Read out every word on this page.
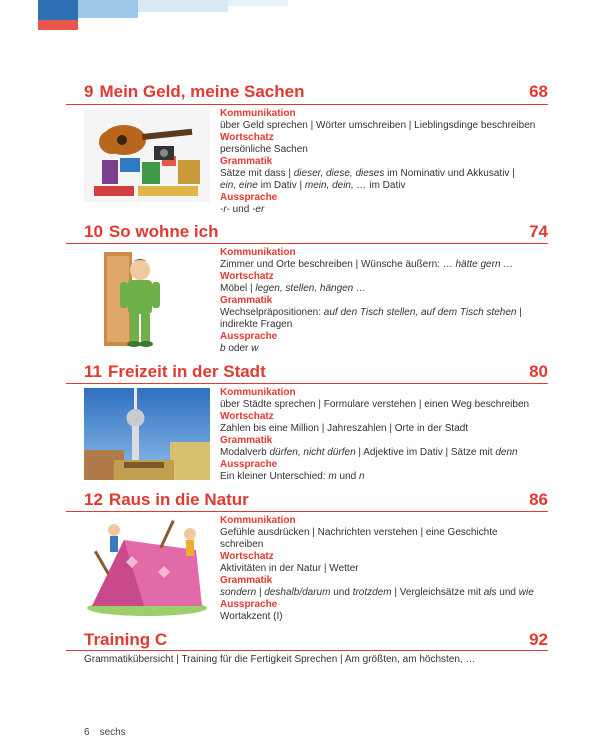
9 Mein Geld, meine Sachen	68
Kommunikation
über Geld sprechen | Wörter umschreiben | Lieblingsdinge beschreiben
Wortschatz
persönliche Sachen
Grammatik
Sätze mit dass | dieser, diese, dieses im Nominativ und Akkusativ |
ein, eine im Dativ | mein, dein, … im Dativ
Aussprache
-r- und -er
10 So wohne ich	74
Kommunikation
Zimmer und Orte beschreiben | Wünsche äußern: … hätte gern …
Wortschatz
Möbel | legen, stellen, hängen …
Grammatik
Wechselpräpositionen: auf den Tisch stellen, auf dem Tisch stehen |
indirekte Fragen
Aussprache
b oder w
11 Freizeit in der Stadt	80
Kommunikation
über Städte sprechen | Formulare verstehen | einen Weg beschreiben
Wortschatz
Zahlen bis eine Million | Jahreszahlen | Orte in der Stadt
Grammatik
Modalverb dürfen, nicht dürfen | Adjektive im Dativ | Sätze mit denn
Aussprache
Ein kleiner Unterschied: m und n
12 Raus in die Natur	86
Kommunikation
Gefühle ausdrücken | Nachrichten verstehen | eine Geschichte
schreiben
Wortschatz
Aktivitäten in der Natur | Wetter
Grammatik
sondern | deshalb/darum und trotzdem | Vergleichsätze mit als und wie
Aussprache
Wortakzent (I)
Training C	92
Grammatikübersicht | Training für die Fertigkeit Sprechen | Am größten, am höchsten, …
6 sechs
